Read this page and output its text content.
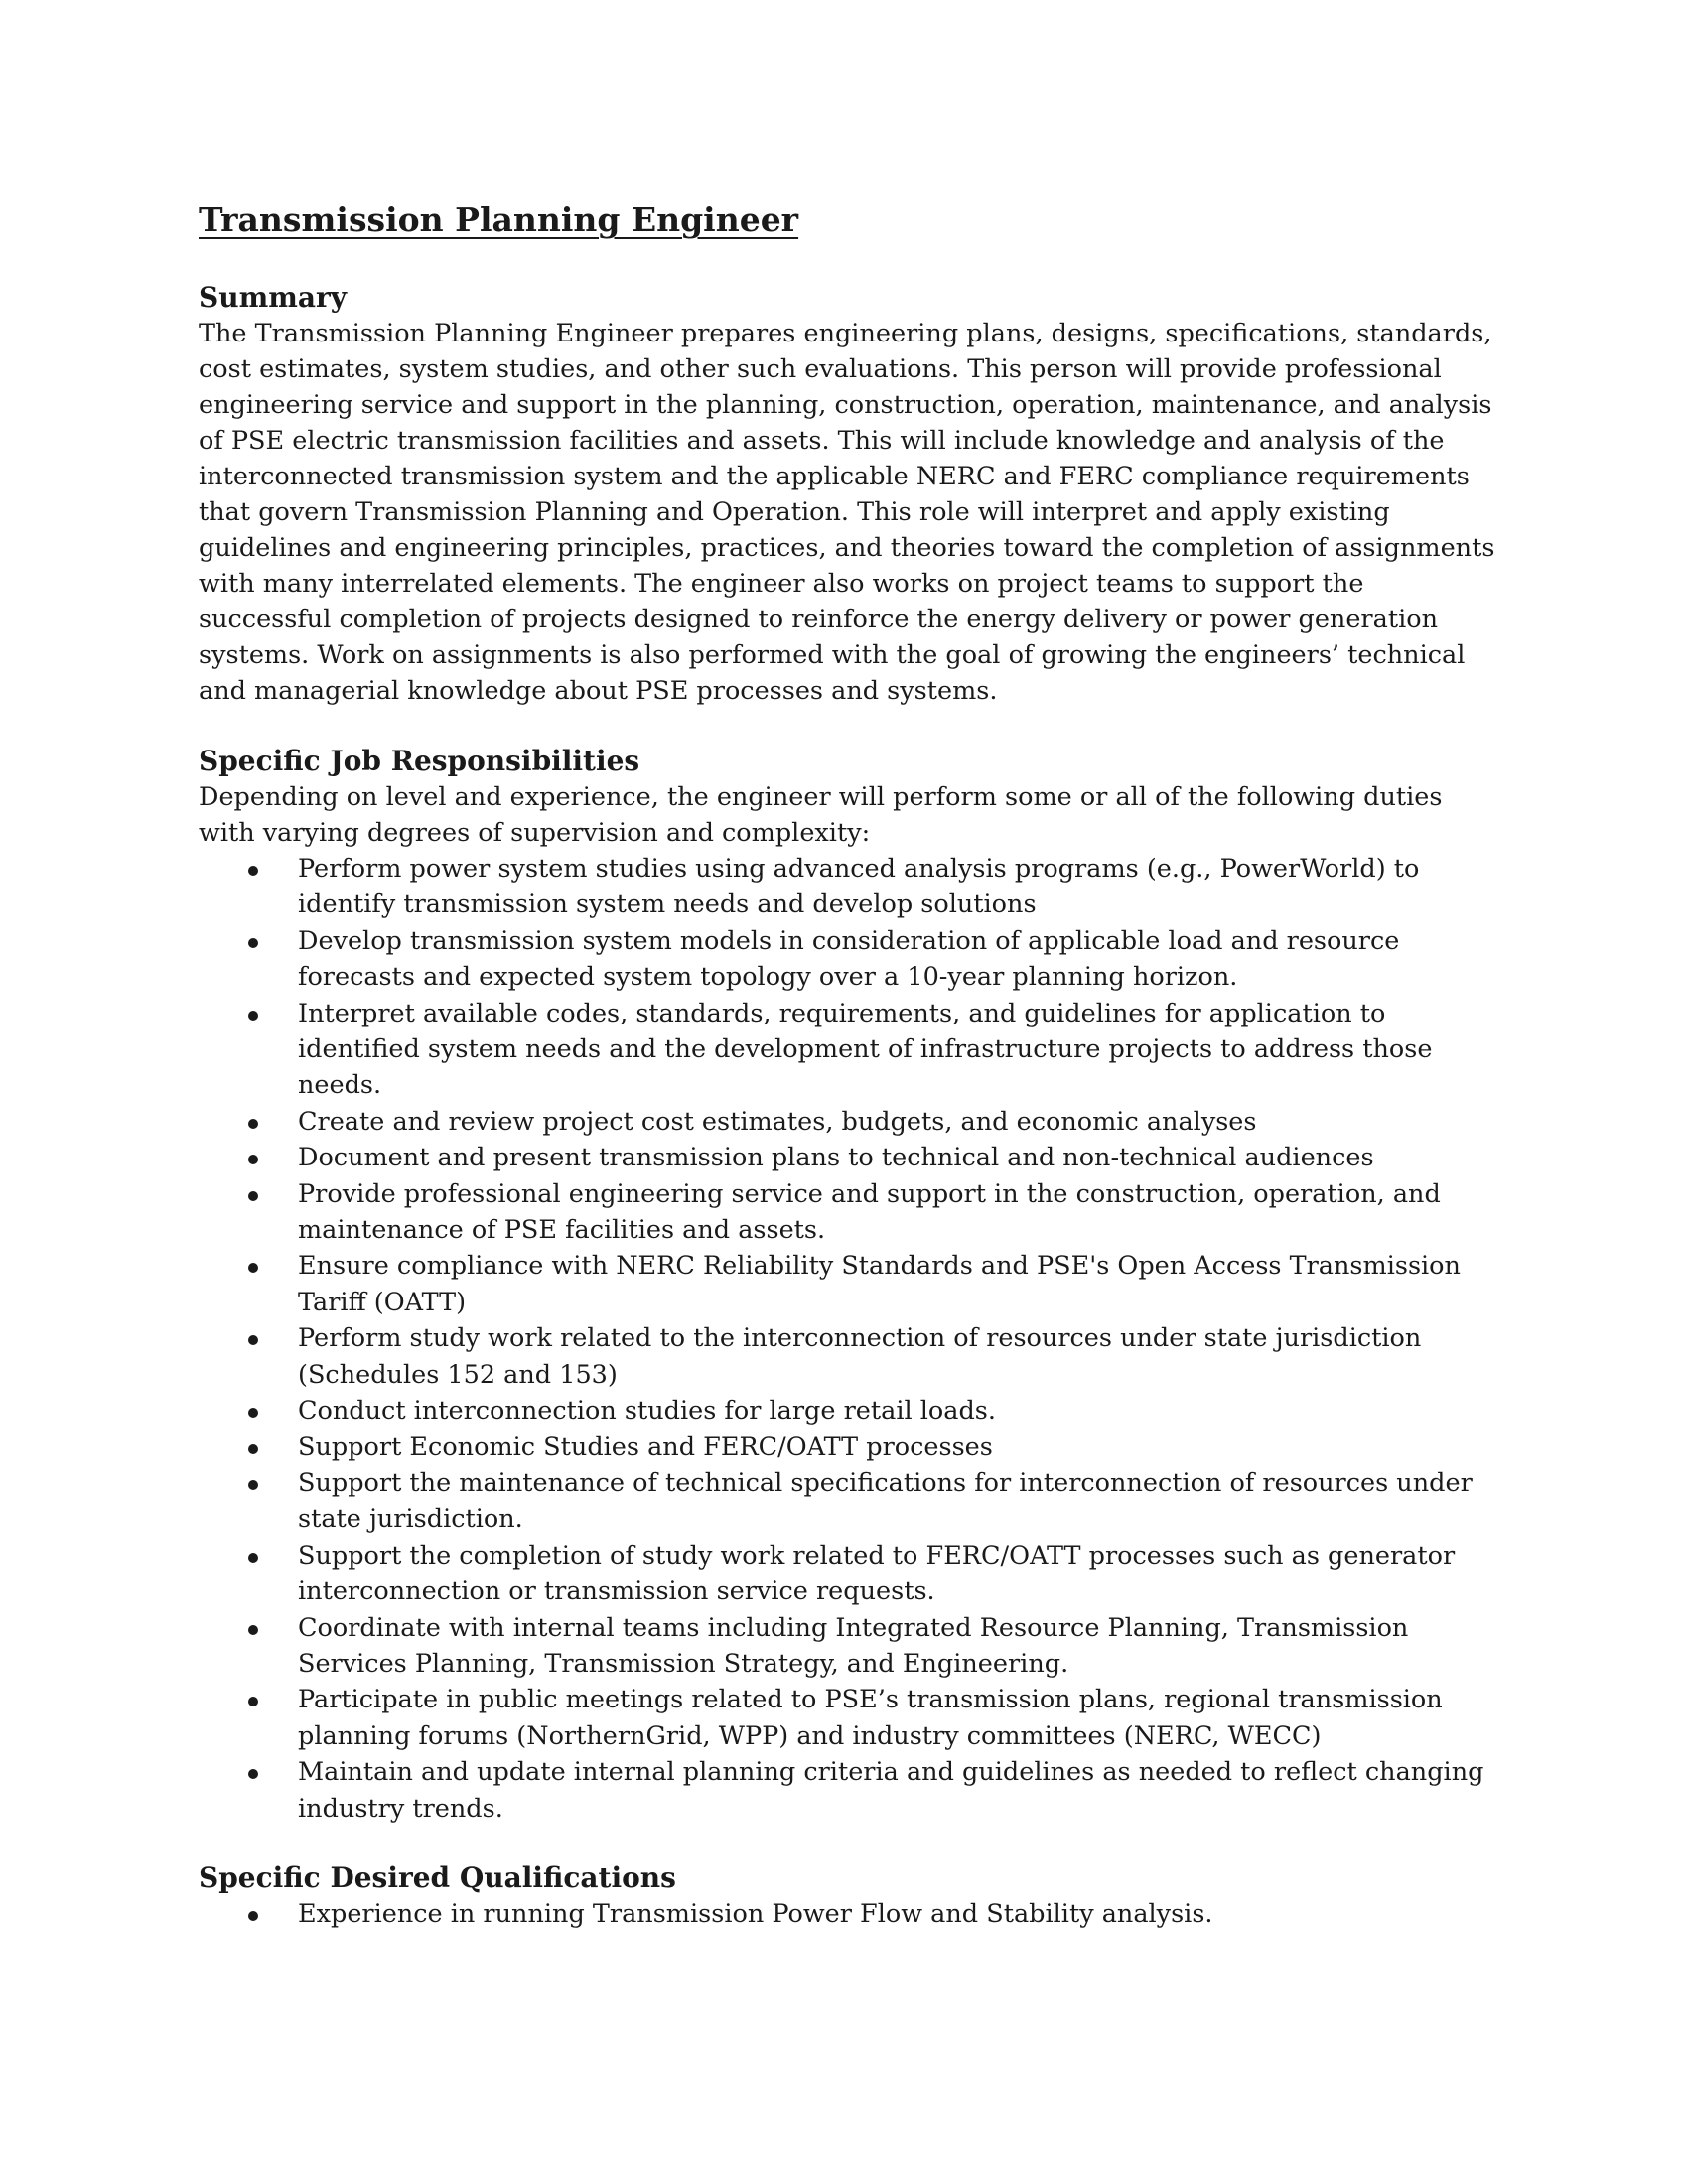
Transmission Planning Engineer
Summary

The Transmission Planning Engineer prepares engineering plans, designs, specifications, standards, cost estimates, system studies, and other such evaluations. This person will provide professional engineering service and support in the planning, construction, operation, maintenance, and analysis of PSE electric transmission facilities and assets. This will include knowledge and analysis of the interconnected transmission system and the applicable NERC and FERC compliance requirements that govern Transmission Planning and Operation. This role will interpret and apply existing guidelines and engineering principles, practices, and theories toward the completion of assignments with many interrelated elements. The engineer also works on project teams to support the successful completion of projects designed to reinforce the energy delivery or power generation systems. Work on assignments is also performed with the goal of growing the engineers’ technical and managerial knowledge about PSE processes and systems.

Specific Job Responsibilities

Depending on level and experience, the engineer will perform some or all of the following duties with varying degrees of supervision and complexity:

Perform power system studies using advanced analysis programs (e.g., PowerWorld) to identify transmission system needs and develop solutions
Develop transmission system models in consideration of applicable load and resource forecasts and expected system topology over a 10-year planning horizon.
Interpret available codes, standards, requirements, and guidelines for application to identified system needs and the development of infrastructure projects to address those needs.
Create and review project cost estimates, budgets, and economic analyses
Document and present transmission plans to technical and non-technical audiences
Provide professional engineering service and support in the construction, operation, and maintenance of PSE facilities and assets.
Ensure compliance with NERC Reliability Standards and PSE's Open Access Transmission Tariff (OATT)
Perform study work related to the interconnection of resources under state jurisdiction (Schedules 152 and 153)
Conduct interconnection studies for large retail loads.
Support Economic Studies and FERC/OATT processes
Support the maintenance of technical specifications for interconnection of resources under state jurisdiction.
Support the completion of study work related to FERC/OATT processes such as generator interconnection or transmission service requests.
Coordinate with internal teams including Integrated Resource Planning, Transmission Services Planning, Transmission Strategy, and Engineering.
Participate in public meetings related to PSE’s transmission plans, regional transmission planning forums (NorthernGrid, WPP) and industry committees (NERC, WECC)
Maintain and update internal planning criteria and guidelines as needed to reflect changing industry trends.
Specific Desired Qualifications
Experience in running Transmission Power Flow and Stability analysis.
